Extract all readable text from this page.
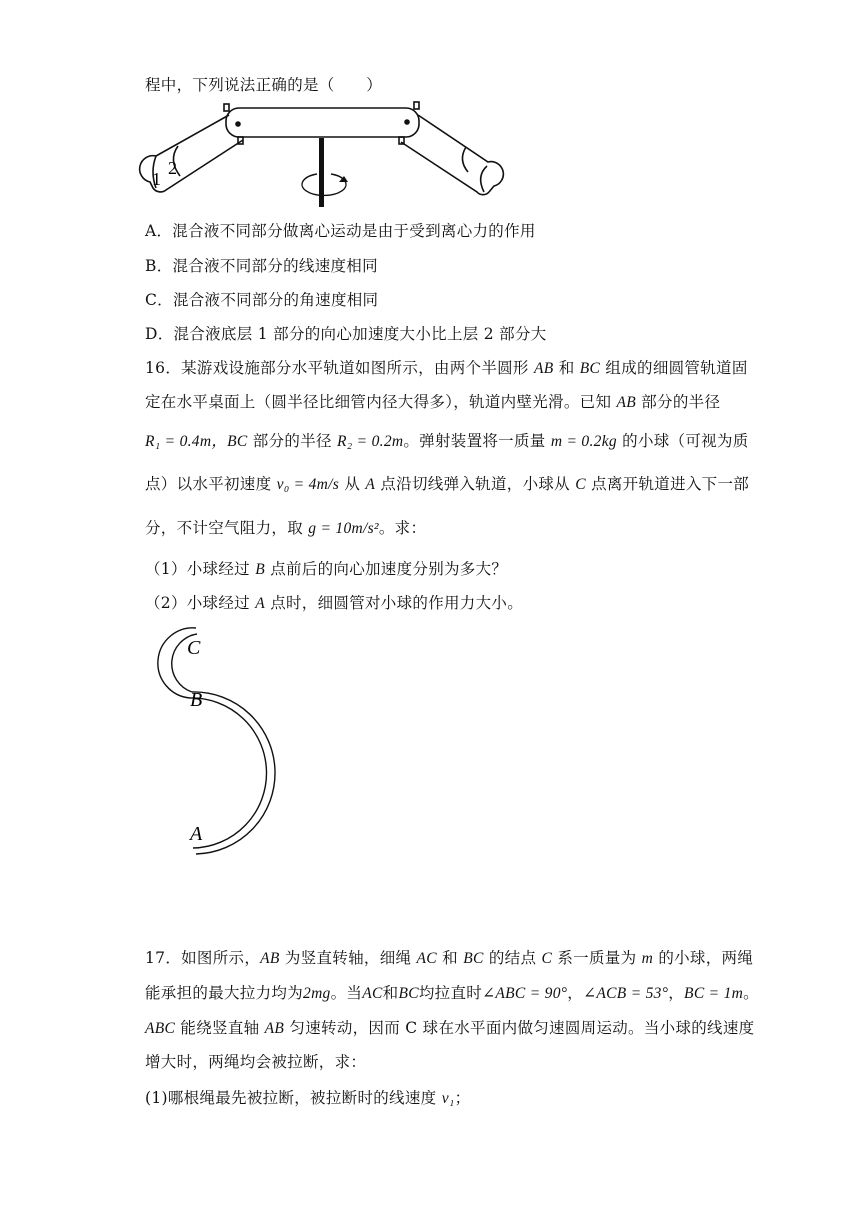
程中，下列说法正确的是（　　）
1
2
A．混合液不同部分做离心运动是由于受到离心力的作用
B．混合液不同部分的线速度相同
C．混合液不同部分的角速度相同
D．混合液底层 1 部分的向心加速度大小比上层 2 部分大
16．某游戏设施部分水平轨道如图所示，由两个半圆形 AB 和 BC 组成的细圆管轨道固
定在水平桌面上（圆半径比细管内径大得多），轨道内壁光滑。已知 AB 部分的半径
R₁ = 0.4m，BC 部分的半径 R₂ = 0.2m。弹射装置将一质量 m = 0.2kg 的小球（可视为质
点）以水平初速度 v₀ = 4m/s 从 A 点沿切线弹入轨道，小球从 C 点离开轨道进入下一部
分，不计空气阻力，取 g = 10m/s²。求：
（1）小球经过 B 点前后的向心加速度分别为多大？
（2）小球经过 A 点时，细圆管对小球的作用力大小。
C
B
A
17．如图所示，AB 为竖直转轴，细绳 AC 和 BC 的结点 C 系一质量为 m 的小球，两绳
能承担的最大拉力均为2mg。当AC和BC均拉直时∠ABC = 90°，∠ACB = 53°，BC = 1m。
ABC 能绕竖直轴 AB 匀速转动，因而 C 球在水平面内做匀速圆周运动。当小球的线速度
增大时，两绳均会被拉断，求：
(1)哪根绳最先被拉断，被拉断时的线速度 v₁；
